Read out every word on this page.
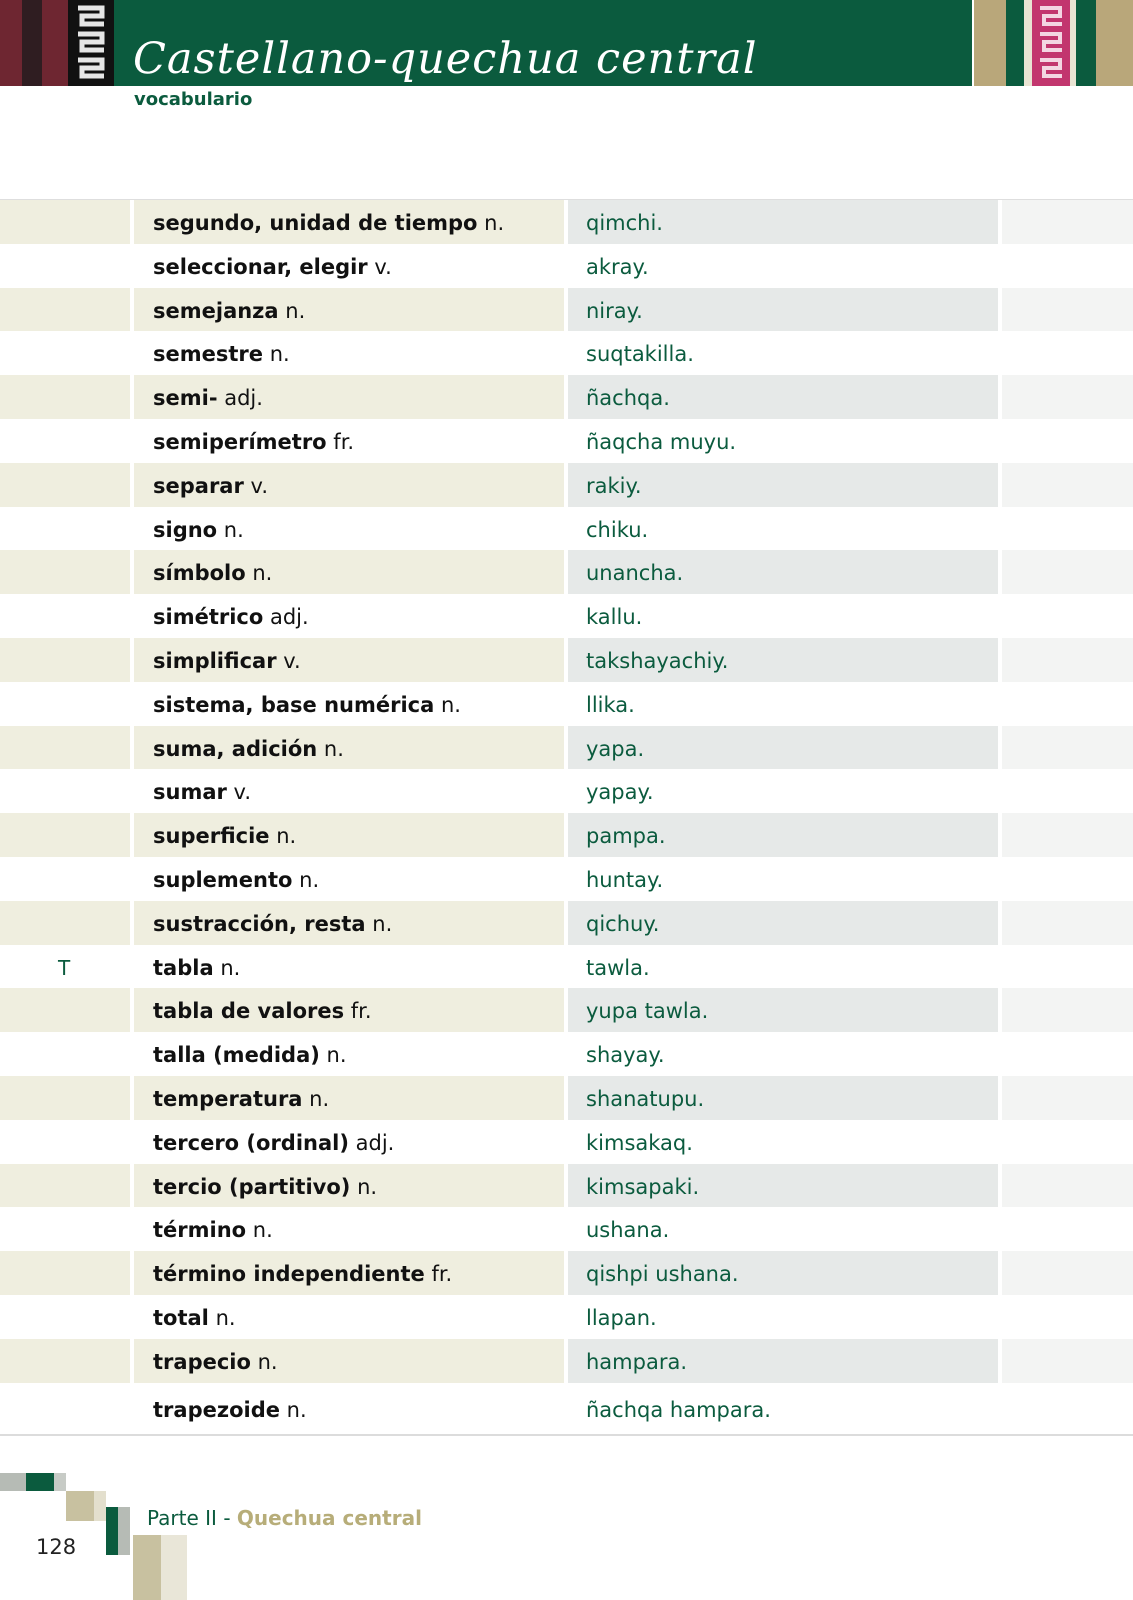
Castellano-quechua central
vocabulario
segundo, unidad de tiempo n.	qimchi.
seleccionar, elegir v.	akray.
semejanza n.	niray.
semestre n.	suqtakilla.
semi- adj.	ñachqa.
semiperímetro fr.	ñaqcha muyu.
separar v.	rakiy.
signo n.	chiku.
símbolo n.	unancha.
simétrico adj.	kallu.
simplificar v.	takshayachiy.
sistema, base numérica n.	llika.
suma, adición n.	yapa.
sumar v.	yapay.
superficie n.	pampa.
suplemento n.	huntay.
sustracción, resta n.	qichuy.
T	tabla n.	tawla.
tabla de valores fr.	yupa tawla.
talla (medida) n.	shayay.
temperatura n.	shanatupu.
tercero (ordinal) adj.	kimsakaq.
tercio (partitivo) n.	kimsapaki.
término n.	ushana.
término independiente fr.	qishpi ushana.
total n.	llapan.
trapecio n.	hampara.
trapezoide n.	ñachqa hampara.
Parte II - Quechua central
128
